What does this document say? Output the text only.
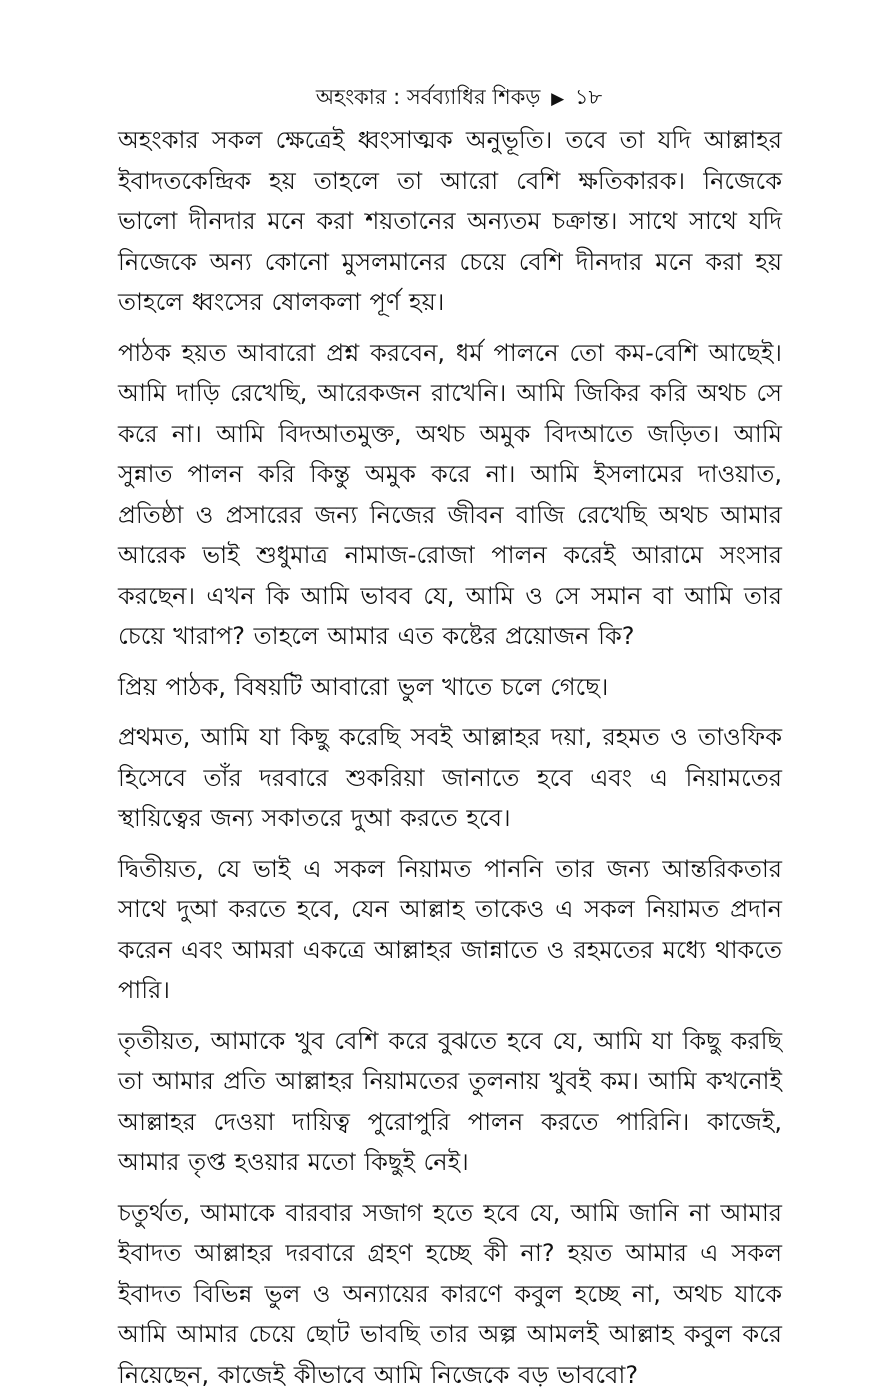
অহংকার : সর্বব্যাধির শিকড় ▶ ১৮

অহংকার সকল ক্ষেত্রেই ধ্বংসাত্মক অনুভূতি। তবে তা যদি আল্লাহর ইবাদতকেন্দ্রিক হয় তাহলে তা আরো বেশি ক্ষতিকারক। নিজেকে ভালো দীনদার মনে করা শয়তানের অন্যতম চক্রান্ত। সাথে সাথে যদি নিজেকে অন্য কোনো মুসলমানের চেয়ে বেশি দীনদার মনে করা হয় তাহলে ধ্বংসের ষোলকলা পূর্ণ হয়।

পাঠক হয়ত আবারো প্রশ্ন করবেন, ধর্ম পালনে তো কম-বেশি আছেই। আমি দাড়ি রেখেছি, আরেকজন রাখেনি। আমি জিকির করি অথচ সে করে না। আমি বিদআতমুক্ত, অথচ অমুক বিদআতে জড়িত। আমি সুন্নাত পালন করি কিন্তু অমুক করে না। আমি ইসলামের দাওয়াত, প্রতিষ্ঠা ও প্রসারের জন্য নিজের জীবন বাজি রেখেছি অথচ আমার আরেক ভাই শুধুমাত্র নামাজ-রোজা পালন করেই আরামে সংসার করছেন। এখন কি আমি ভাবব যে, আমি ও সে সমান বা আমি তার চেয়ে খারাপ? তাহলে আমার এত কষ্টের প্রয়োজন কি?

প্রিয় পাঠক, বিষয়টি আবারো ভুল খাতে চলে গেছে।

প্রথমত, আমি যা কিছু করেছি সবই আল্লাহর দয়া, রহমত ও তাওফিক হিসেবে তাঁর দরবারে শুকরিয়া জানাতে হবে এবং এ নিয়ামতের স্থায়িত্বের জন্য সকাতরে দুআ করতে হবে।

দ্বিতীয়ত, যে ভাই এ সকল নিয়ামত পাননি তার জন্য আন্তরিকতার সাথে দুআ করতে হবে, যেন আল্লাহ তাকেও এ সকল নিয়ামত প্রদান করেন এবং আমরা একত্রে আল্লাহর জান্নাতে ও রহমতের মধ্যে থাকতে পারি।

তৃতীয়ত, আমাকে খুব বেশি করে বুঝতে হবে যে, আমি যা কিছু করছি তা আমার প্রতি আল্লাহর নিয়ামতের তুলনায় খুবই কম। আমি কখনোই আল্লাহর দেওয়া দায়িত্ব পুরোপুরি পালন করতে পারিনি। কাজেই, আমার তৃপ্ত হওয়ার মতো কিছুই নেই।

চতুর্থত, আমাকে বারবার সজাগ হতে হবে যে, আমি জানি না আমার ইবাদত আল্লাহর দরবারে গ্রহণ হচ্ছে কী না? হয়ত আমার এ সকল ইবাদত বিভিন্ন ভুল ও অন্যায়ের কারণে কবুল হচ্ছে না, অথচ যাকে আমি আমার চেয়ে ছোট ভাবছি তার অল্প আমলই আল্লাহ কবুল করে নিয়েছেন, কাজেই কীভাবে আমি নিজেকে বড় ভাববো?
